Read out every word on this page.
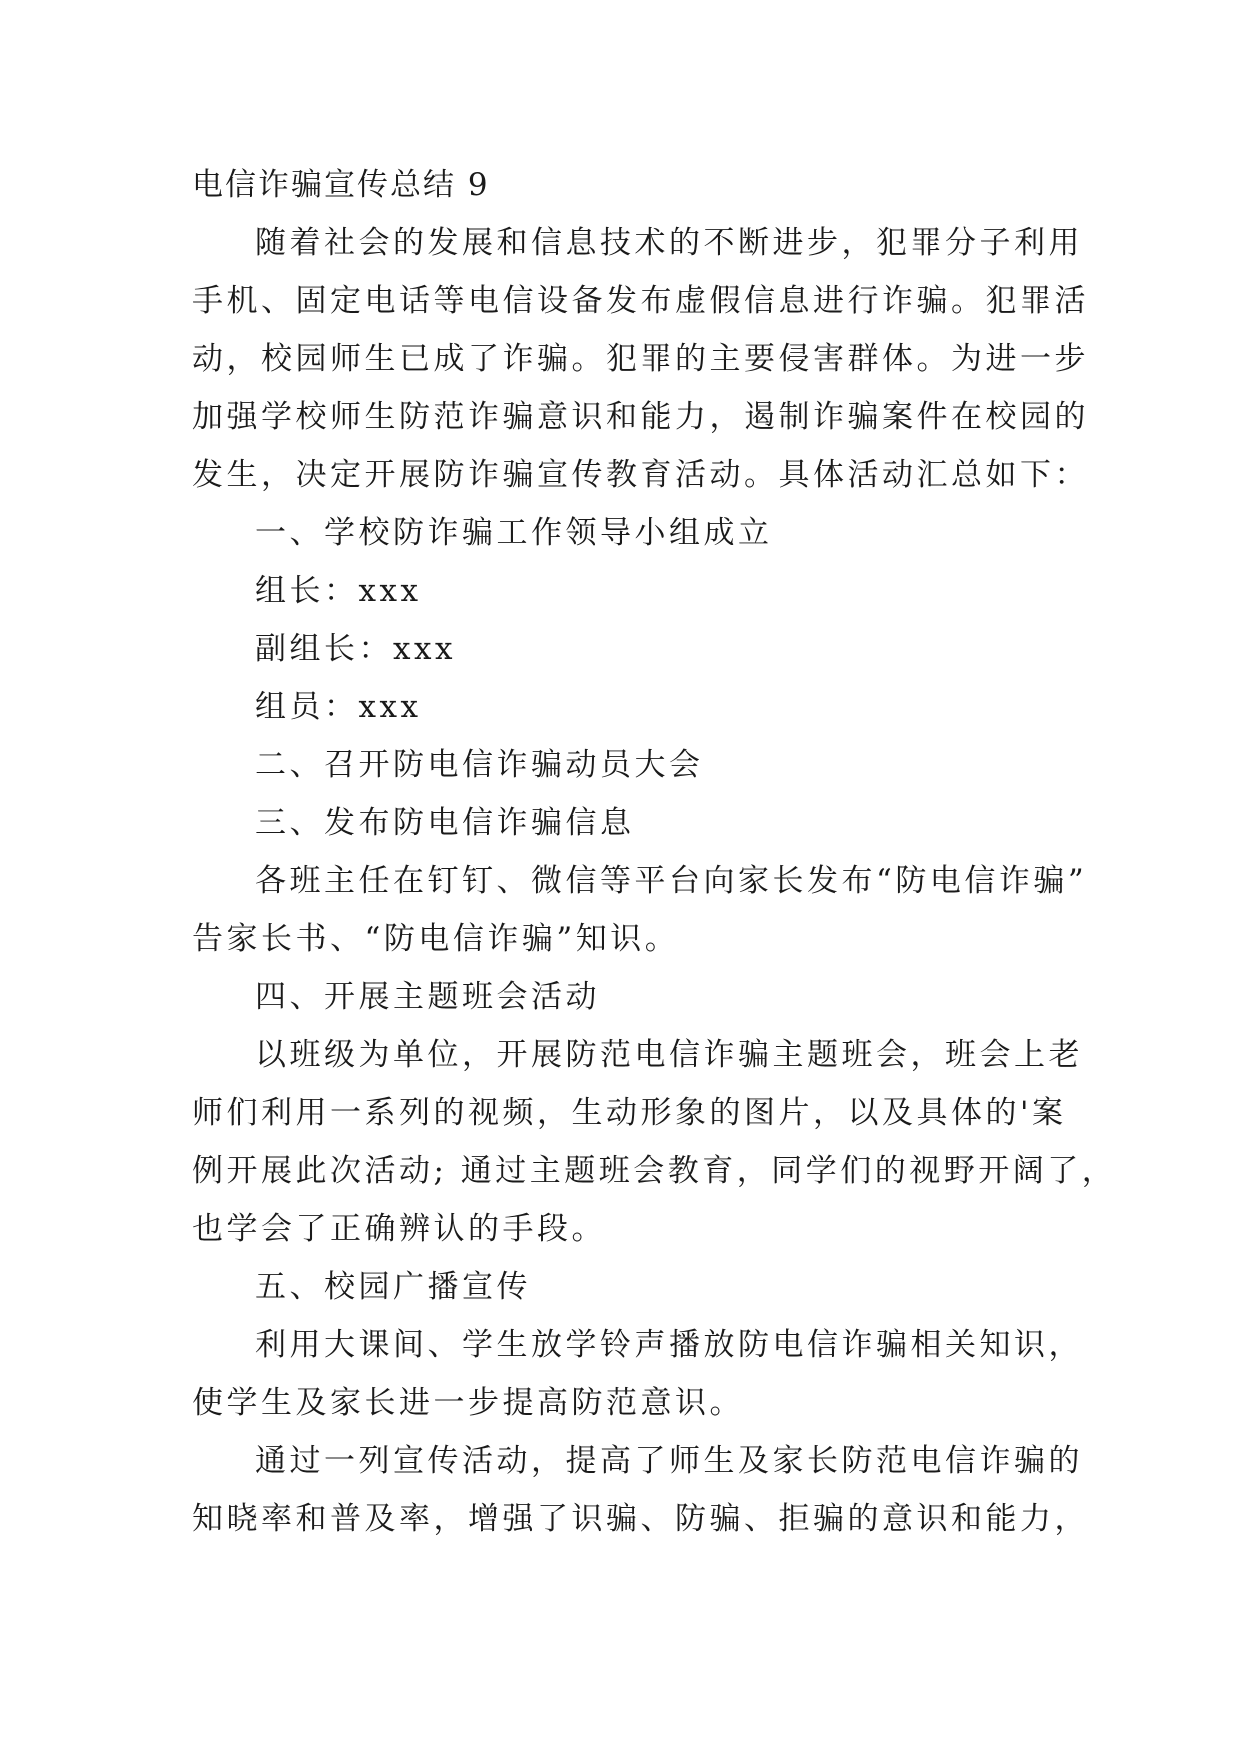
电信诈骗宣传总结 9

随着社会的发展和信息技术的不断进步，犯罪分子利用

手机、固定电话等电信设备发布虚假信息进行诈骗。犯罪活

动，校园师生已成了诈骗。犯罪的主要侵害群体。为进一步

加强学校师生防范诈骗意识和能力，遏制诈骗案件在校园的

发生，决定开展防诈骗宣传教育活动。具体活动汇总如下：

一、学校防诈骗工作领导小组成立

组长：xxx

副组长：xxx

组员：xxx

二、召开防电信诈骗动员大会

三、发布防电信诈骗信息

各班主任在钉钉、微信等平台向家长发布“防电信诈骗”

告家长书、“防电信诈骗”知识。

四、开展主题班会活动

以班级为单位，开展防范电信诈骗主题班会，班会上老

师们利用一系列的视频，生动形象的图片，以及具体的'案

例开展此次活动; 通过主题班会教育，同学们的视野开阔了，

也学会了正确辨认的手段。

五、校园广播宣传

利用大课间、学生放学铃声播放防电信诈骗相关知识，

使学生及家长进一步提高防范意识。

通过一列宣传活动，提高了师生及家长防范电信诈骗的

知晓率和普及率，增强了识骗、防骗、拒骗的意识和能力，
